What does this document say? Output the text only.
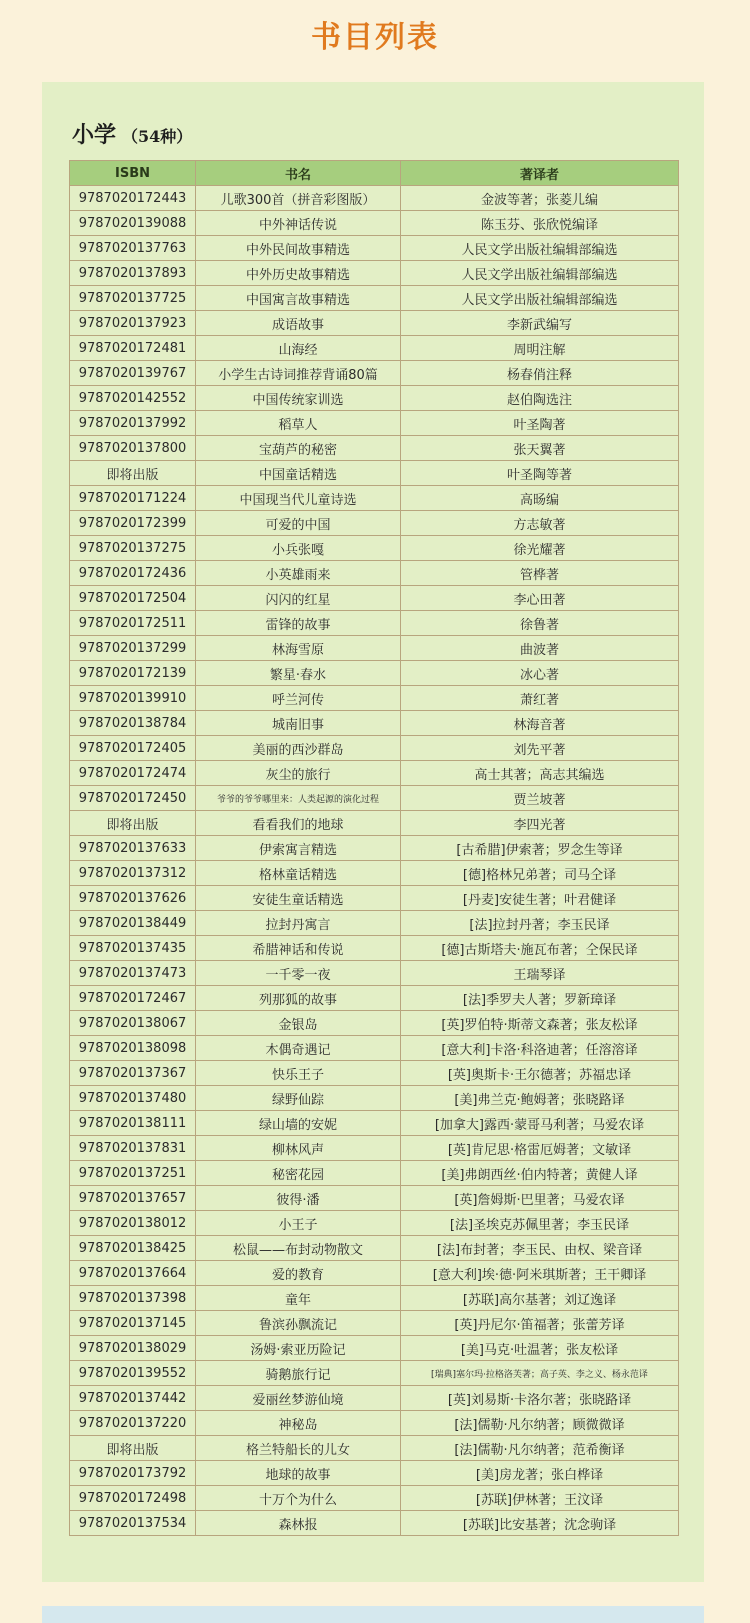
书目列表
小学 （54种）
ISBN	书名	著译者
9787020172443	儿歌300首（拼音彩图版）	金波等著；张菱儿编
9787020139088	中外神话传说	陈玉芬、张欣悦编译
9787020137763	中外民间故事精选	人民文学出版社编辑部编选
9787020137893	中外历史故事精选	人民文学出版社编辑部编选
9787020137725	中国寓言故事精选	人民文学出版社编辑部编选
9787020137923	成语故事	李新武编写
9787020172481	山海经	周明注解
9787020139767	小学生古诗词推荐背诵80篇	杨春俏注释
9787020142552	中国传统家训选	赵伯陶选注
9787020137992	稻草人	叶圣陶著
9787020137800	宝葫芦的秘密	张天翼著
即将出版	中国童话精选	叶圣陶等著
9787020171224	中国现当代儿童诗选	高旸编
9787020172399	可爱的中国	方志敏著
9787020137275	小兵张嘎	徐光耀著
9787020172436	小英雄雨来	管桦著
9787020172504	闪闪的红星	李心田著
9787020172511	雷锋的故事	徐鲁著
9787020137299	林海雪原	曲波著
9787020172139	繁星·春水	冰心著
9787020139910	呼兰河传	萧红著
9787020138784	城南旧事	林海音著
9787020172405	美丽的西沙群岛	刘先平著
9787020172474	灰尘的旅行	高士其著；高志其编选
9787020172450	爷爷的爷爷哪里来：人类起源的演化过程	贾兰坡著
即将出版	看看我们的地球	李四光著
9787020137633	伊索寓言精选	[古希腊]伊索著；罗念生等译
9787020137312	格林童话精选	[德]格林兄弟著；司马仝译
9787020137626	安徒生童话精选	[丹麦]安徒生著；叶君健译
9787020138449	拉封丹寓言	[法]拉封丹著；李玉民译
9787020137435	希腊神话和传说	[德]古斯塔夫·施瓦布著；仝保民译
9787020137473	一千零一夜	王瑞琴译
9787020172467	列那狐的故事	[法]季罗夫人著；罗新璋译
9787020138067	金银岛	[英]罗伯特·斯蒂文森著；张友松译
9787020138098	木偶奇遇记	[意大利]卡洛·科洛迪著；任溶溶译
9787020137367	快乐王子	[英]奥斯卡·王尔德著；苏福忠译
9787020137480	绿野仙踪	[美]弗兰克·鲍姆著；张晓路译
9787020138111	绿山墙的安妮	[加拿大]露西·蒙哥马利著；马爱农译
9787020137831	柳林风声	[英]肯尼思·格雷厄姆著；文敏译
9787020137251	秘密花园	[美]弗朗西丝·伯内特著；黄健人译
9787020137657	彼得·潘	[英]詹姆斯·巴里著；马爱农译
9787020138012	小王子	[法]圣埃克苏佩里著；李玉民译
9787020138425	松鼠——布封动物散文	[法]布封著；李玉民、由权、梁音译
9787020137664	爱的教育	[意大利]埃·德·阿米琪斯著；王干卿译
9787020137398	童年	[苏联]高尔基著；刘辽逸译
9787020137145	鲁滨孙飘流记	[英]丹尼尔·笛福著；张蕾芳译
9787020138029	汤姆·索亚历险记	[美]马克·吐温著；张友松译
9787020139552	骑鹅旅行记	[瑞典]塞尔玛·拉格洛芙著；高子英、李之义、杨永范译
9787020137442	爱丽丝梦游仙境	[英]刘易斯·卡洛尔著；张晓路译
9787020137220	神秘岛	[法]儒勒·凡尔纳著；顾微微译
即将出版	格兰特船长的儿女	[法]儒勒·凡尔纳著；范希衡译
9787020173792	地球的故事	[美]房龙著；张白桦译
9787020172498	十万个为什么	[苏联]伊林著；王汶译
9787020137534	森林报	[苏联]比安基著；沈念驹译
